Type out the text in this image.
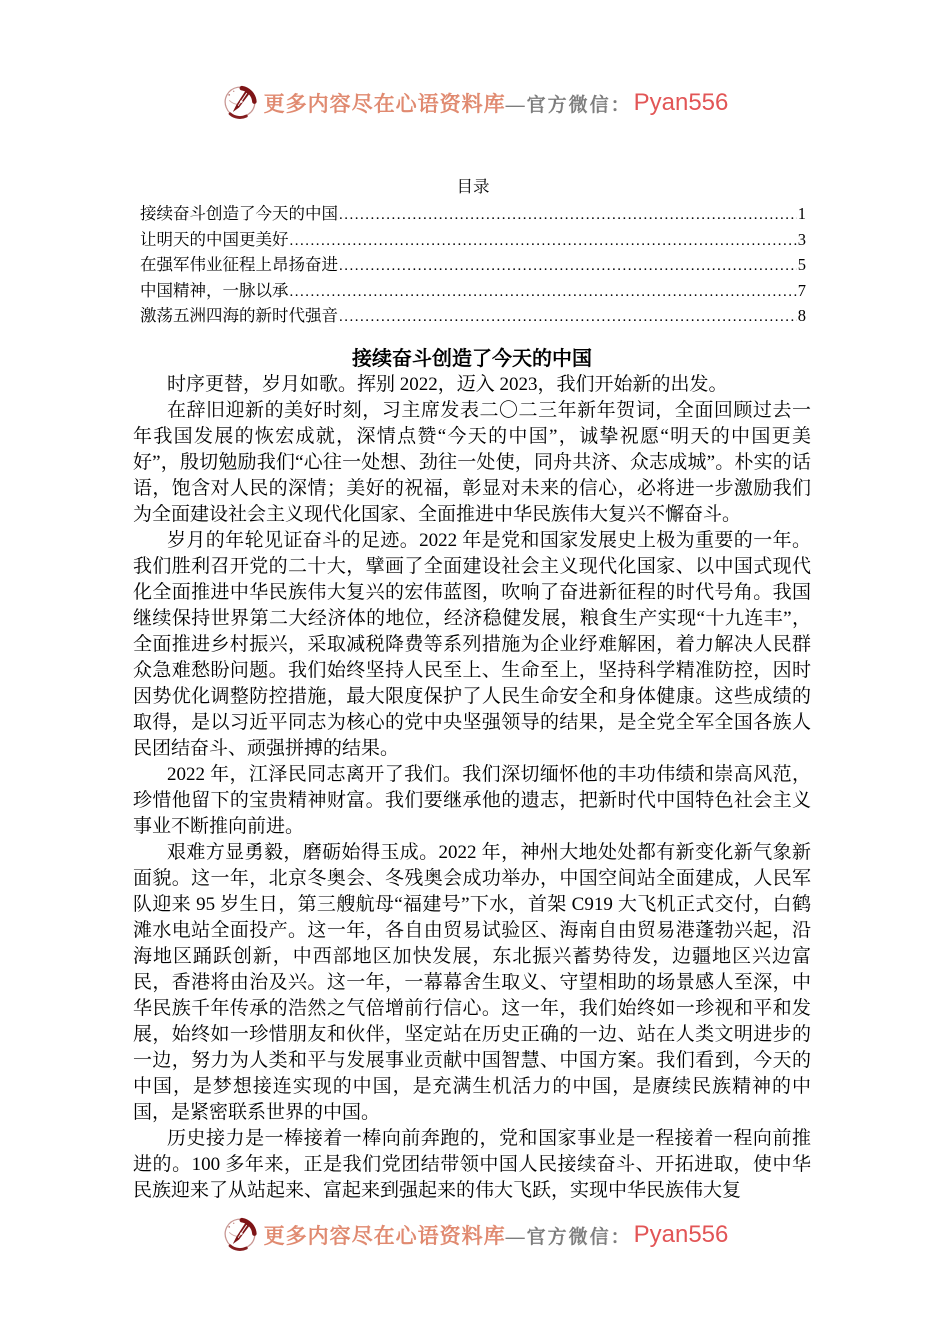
更多内容尽在心语资料库 —官方微信： Pyan556
目录
接续奋斗创造了今天的中国 .....	1
让明天的中国更美好 .....	3
在强军伟业征程上昂扬奋进 .....	5
中国精神，一脉以承 .....	7
激荡五洲四海的新时代强音 .....	8
接续奋斗创造了今天的中国

时序更替，岁月如歌。挥别 2022，迈入 2023，我们开始新的出发。

在辞旧迎新的美好时刻，习主席发表二〇二三年新年贺词，全面回顾过去一年我国发展的恢宏成就，深情点赞“今天的中国”，诚挚祝愿“明天的中国更美好”，殷切勉励我们“心往一处想、劲往一处使，同舟共济、众志成城”。朴实的话语，饱含对人民的深情；美好的祝福，彰显对未来的信心，必将进一步激励我们为全面建设社会主义现代化国家、全面推进中华民族伟大复兴不懈奋斗。

岁月的年轮见证奋斗的足迹。2022 年是党和国家发展史上极为重要的一年。我们胜利召开党的二十大，擘画了全面建设社会主义现代化国家、以中国式现代化全面推进中华民族伟大复兴的宏伟蓝图，吹响了奋进新征程的时代号角。我国继续保持世界第二大经济体的地位，经济稳健发展，粮食生产实现“十九连丰”，全面推进乡村振兴，采取减税降费等系列措施为企业纾难解困，着力解决人民群众急难愁盼问题。我们始终坚持人民至上、生命至上，坚持科学精准防控，因时因势优化调整防控措施，最大限度保护了人民生命安全和身体健康。这些成绩的取得，是以习近平同志为核心的党中央坚强领导的结果，是全党全军全国各族人民团结奋斗、顽强拼搏的结果。

2022 年，江泽民同志离开了我们。我们深切缅怀他的丰功伟绩和崇高风范，珍惜他留下的宝贵精神财富。我们要继承他的遗志，把新时代中国特色社会主义事业不断推向前进。

艰难方显勇毅，磨砺始得玉成。2022 年，神州大地处处都有新变化新气象新面貌。这一年，北京冬奥会、冬残奥会成功举办，中国空间站全面建成，人民军队迎来 95 岁生日，第三艘航母“福建号”下水，首架 C919 大飞机正式交付，白鹤滩水电站全面投产。这一年，各自由贸易试验区、海南自由贸易港蓬勃兴起，沿海地区踊跃创新，中西部地区加快发展，东北振兴蓄势待发，边疆地区兴边富民，香港将由治及兴。这一年，一幕幕舍生取义、守望相助的场景感人至深，中华民族千年传承的浩然之气倍增前行信心。这一年，我们始终如一珍视和平和发展，始终如一珍惜朋友和伙伴，坚定站在历史正确的一边、站在人类文明进步的一边，努力为人类和平与发展事业贡献中国智慧、中国方案。我们看到，今天的中国，是梦想接连实现的中国，是充满生机活力的中国，是赓续民族精神的中国，是紧密联系世界的中国。

历史接力是一棒接着一棒向前奔跑的，党和国家事业是一程接着一程向前推进的。100 多年来，正是我们党团结带领中国人民接续奋斗、开拓进取，使中华民族迎来了从站起来、富起来到强起来的伟大飞跃，实现中华民族伟大复

更多内容尽在心语资料库 —官方微信： Pyan556
